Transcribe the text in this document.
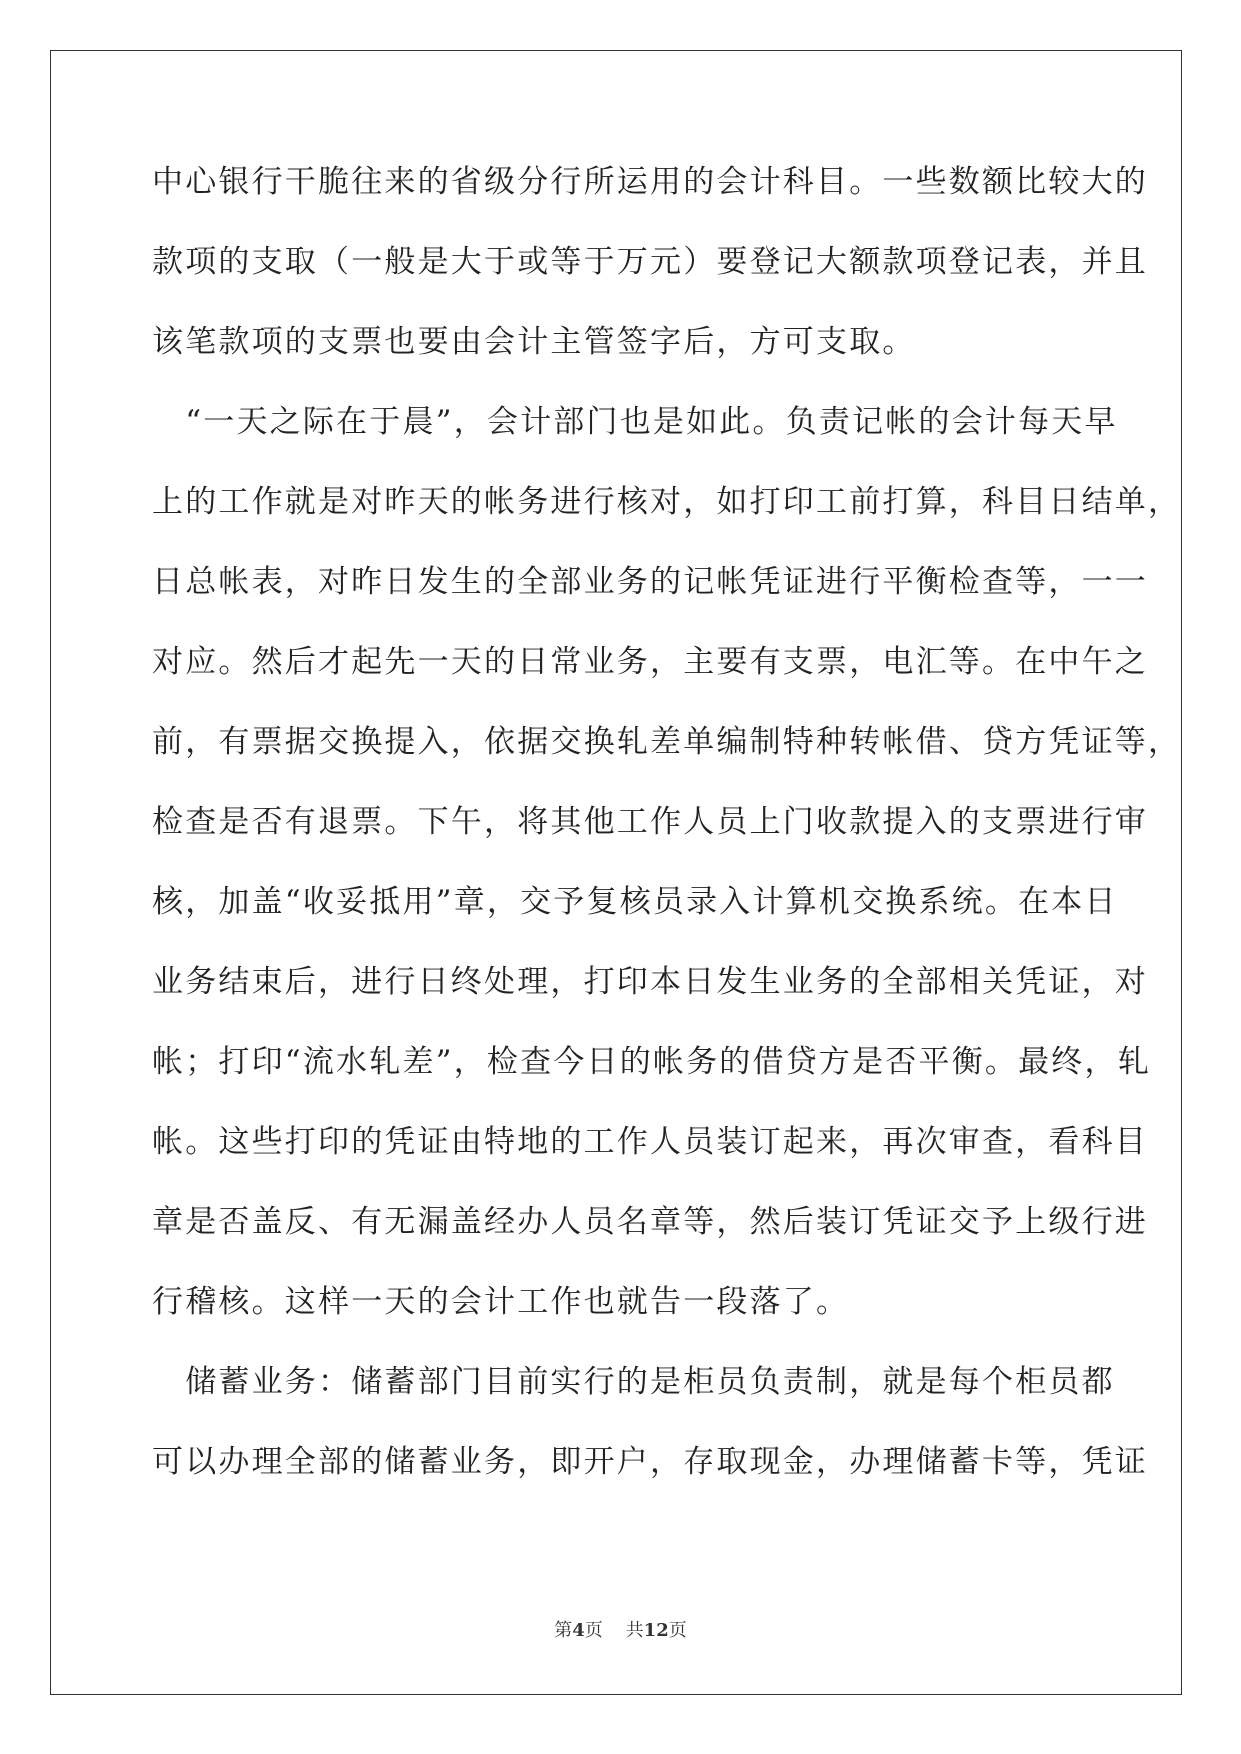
中心银行干脆往来的省级分行所运用的会计科目。一些数额比较大的
款项的支取（一般是大于或等于万元）要登记大额款项登记表，并且
该笔款项的支票也要由会计主管签字后，方可支取。
　“一天之际在于晨”，会计部门也是如此。负责记帐的会计每天早
上的工作就是对昨天的帐务进行核对，如打印工前打算，科目日结单，
日总帐表，对昨日发生的全部业务的记帐凭证进行平衡检查等，一一
对应。然后才起先一天的日常业务，主要有支票，电汇等。在中午之
前，有票据交换提入，依据交换轧差单编制特种转帐借、贷方凭证等，
检查是否有退票。下午，将其他工作人员上门收款提入的支票进行审
核，加盖“收妥抵用”章，交予复核员录入计算机交换系统。在本日
业务结束后，进行日终处理，打印本日发生业务的全部相关凭证，对
帐；打印“流水轧差”，检查今日的帐务的借贷方是否平衡。最终，轧
帐。这些打印的凭证由特地的工作人员装订起来，再次审查，看科目
章是否盖反、有无漏盖经办人员名章等，然后装订凭证交予上级行进
行稽核。这样一天的会计工作也就告一段落了。
　储蓄业务：储蓄部门目前实行的是柜员负责制，就是每个柜员都
可以办理全部的储蓄业务，即开户，存取现金，办理储蓄卡等，凭证
第4页 共12页
